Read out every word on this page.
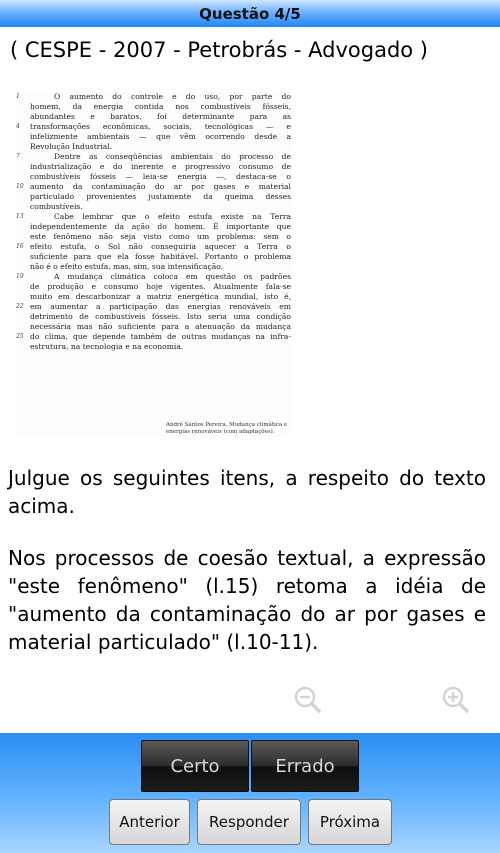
Questão 4/5
( CESPE - 2007 - Petrobrás - Advogado )
1	O aumento do controle e do uso, por parte do
homem, da energia contida nos combustíveis fósseis,
abundantes e baratos, foi determinante para as
4	transformações econômicas, sociais, tecnológicas — e
infelizmente ambientais — que vêm ocorrendo desde a
Revolução Industrial.
7	Dentre as conseqüências ambientais do processo de
industrialização e do inerente e progressivo consumo de
combustíveis fósseis — leia-se energia —, destaca-se o
10 aumento da contaminação do ar por gases e material
particulado provenientes justamente da queima desses
combustíveis.
13	Cabe lembrar que o efeito estufa existe na Terra
independentemente da ação do homem. É importante que
este fenômeno não seja visto como um problema: sem o
16 efeito estufa, o Sol não conseguiria aquecer a Terra o
suficiente para que ela fosse habitável. Portanto o problema
não é o efeito estufa, mas, sim, sua intensificação.
19	A mudança climática coloca em questão os padrões
de produção e consumo hoje vigentes. Atualmente fala-se
muito em descarbonizar a matriz energética mundial, isto é,
22 em aumentar a participação das energias renováveis em
detrimento de combustíveis fósseis. Isto seria uma condição
necessária mas não suficiente para a atenuação da mudança
25 do clima, que depende também de outras mudanças na infra-
estrutura, na tecnologia e na economia.
André Santos Pereira. Mudança climática e energias renováveis (com adaptações).
Julgue os seguintes itens, a respeito do texto acima.
Nos processos de coesão textual, a expressão "este fenômeno" (l.15) retoma a idéia de "aumento da contaminação do ar por gases e material particulado" (l.10-11).
Certo	Errado
Anterior	Responder	Próxima
